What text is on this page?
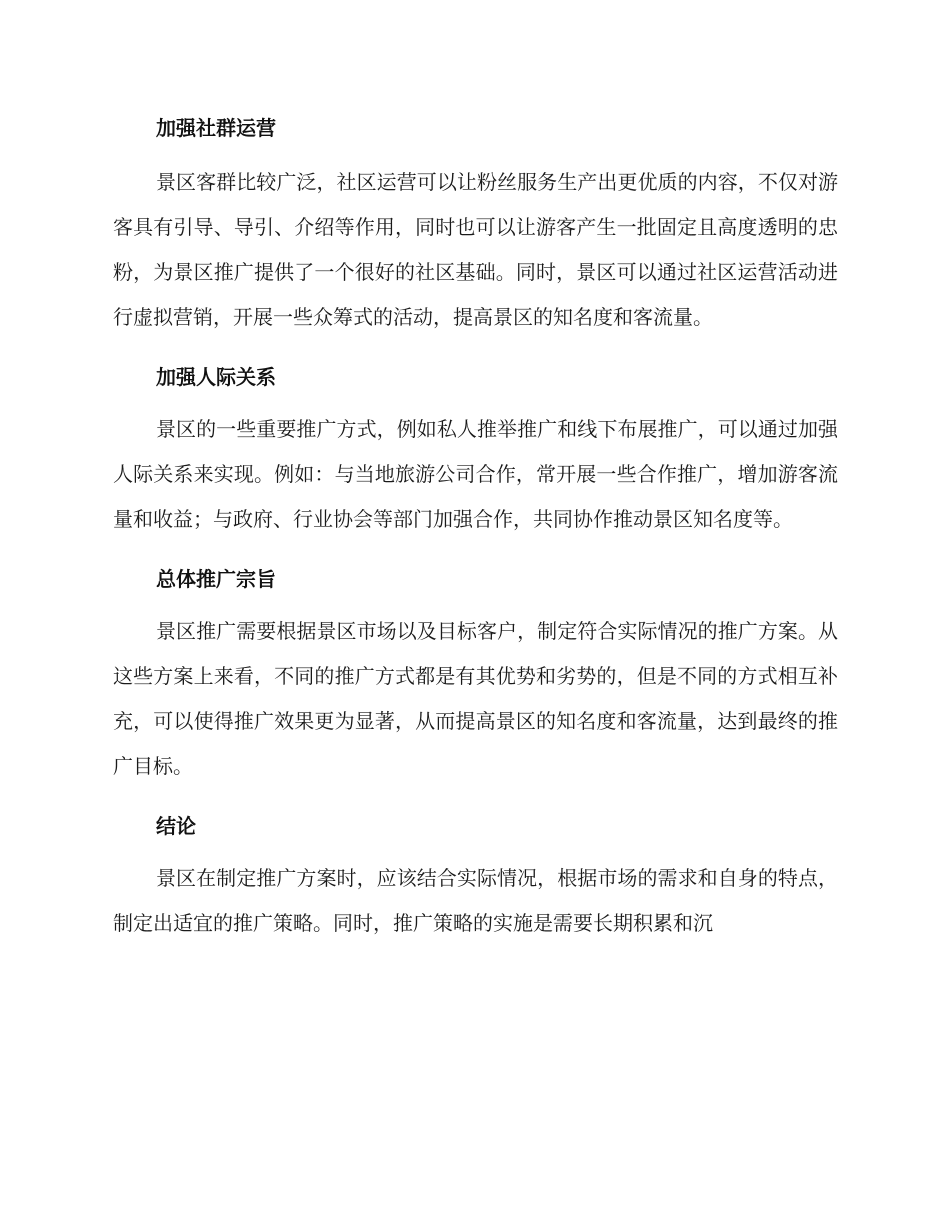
加强社群运营

景区客群比较广泛，社区运营可以让粉丝服务生产出更优质的内容，不仅对游客具有引导、导引、介绍等作用，同时也可以让游客产生一批固定且高度透明的忠粉，为景区推广提供了一个很好的社区基础。同时，景区可以通过社区运营活动进行虚拟营销，开展一些众筹式的活动，提高景区的知名度和客流量。

加强人际关系

景区的一些重要推广方式，例如私人推举推广和线下布展推广，可以通过加强人际关系来实现。例如：与当地旅游公司合作，常开展一些合作推广，增加游客流量和收益；与政府、行业协会等部门加强合作，共同协作推动景区知名度等。

总体推广宗旨

景区推广需要根据景区市场以及目标客户，制定符合实际情况的推广方案。从这些方案上来看，不同的推广方式都是有其优势和劣势的，但是不同的方式相互补充，可以使得推广效果更为显著，从而提高景区的知名度和客流量，达到最终的推广目标。

结论

景区在制定推广方案时，应该结合实际情况，根据市场的需求和自身的特点，制定出适宜的推广策略。同时，推广策略的实施是需要长期积累和沉
